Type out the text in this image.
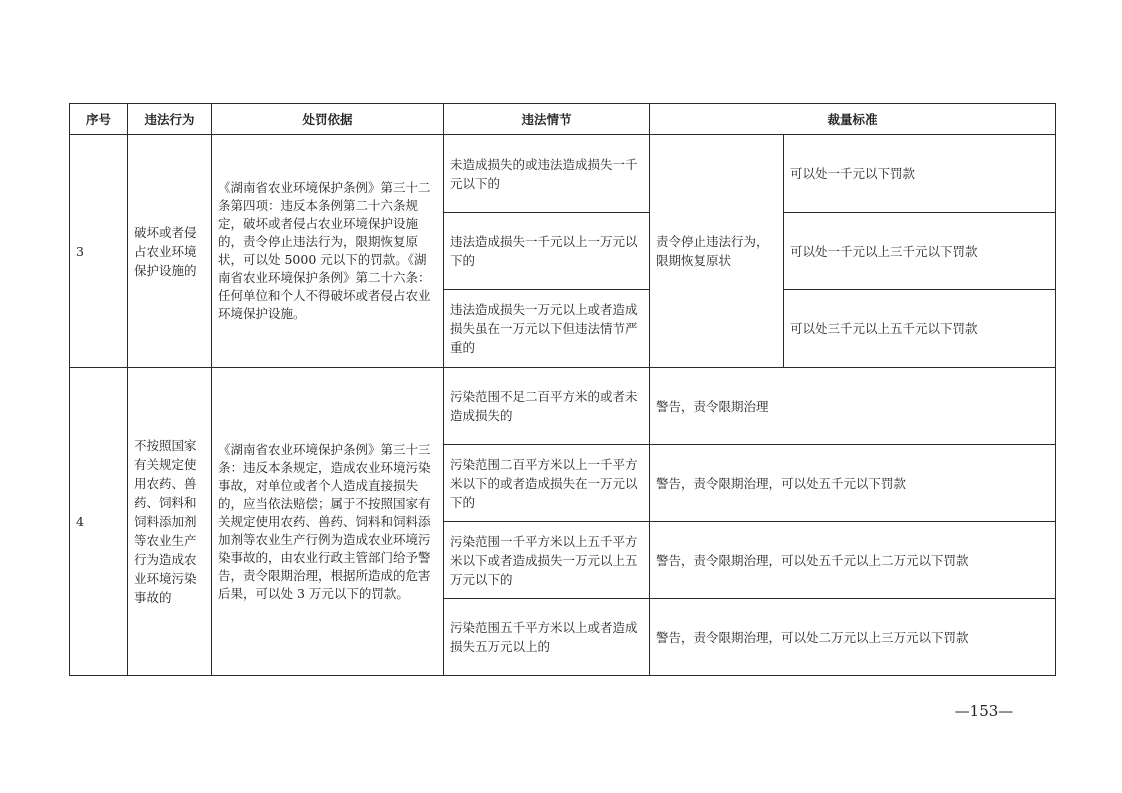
序号	违法行为	处罚依据	违法情节	裁量标准	
3	破坏或者侵占农业环境保护设施的	《湖南省农业环境保护条例》第三十二条第四项：违反本条例第二十六条规定，破坏或者侵占农业环境保护设施的，责令停止违法行为，限期恢复原状，可以处 5000 元以下的罚款。《湖南省农业环境保护条例》第二十六条：任何单位和个人不得破坏或者侵占农业环境保护设施。	未造成损失的或违法造成损失一千元以下的	责令停止违法行为，限期恢复原状	可以处一千元以下罚款
			违法造成损失一千元以上一万元以下的		可以处一千元以上三千元以下罚款
			违法造成损失一万元以上或者造成损失虽在一万元以下但违法情节严重的		可以处三千元以上五千元以下罚款
4	不按照国家有关规定使用农药、兽药、饲料和饲料添加剂等农业生产行为造成农业环境污染事故的	《湖南省农业环境保护条例》第三十三条：违反本条规定，造成农业环境污染事故，对单位或者个人造成直接损失的，应当依法赔偿；属于不按照国家有关规定使用农药、兽药、饲料和饲料添加剂等农业生产行例为造成农业环境污染事故的，由农业行政主管部门给予警告，责令限期治理，根据所造成的危害后果，可以处 3 万元以下的罚款。	污染范围不足二百平方米的或者未造成损失的	警告，责令限期治理	
			污染范围二百平方米以上一千平方米以下的或者造成损失在一万元以下的	警告，责令限期治理，可以处五千元以下罚款	
			污染范围一千平方米以上五千平方米以下或者造成损失一万元以上五万元以下的	警告，责令限期治理，可以处五千元以上二万元以下罚款	
			污染范围五千平方米以上或者造成损失五万元以上的	警告，责令限期治理，可以处二万元以上三万元以下罚款	
—153—
